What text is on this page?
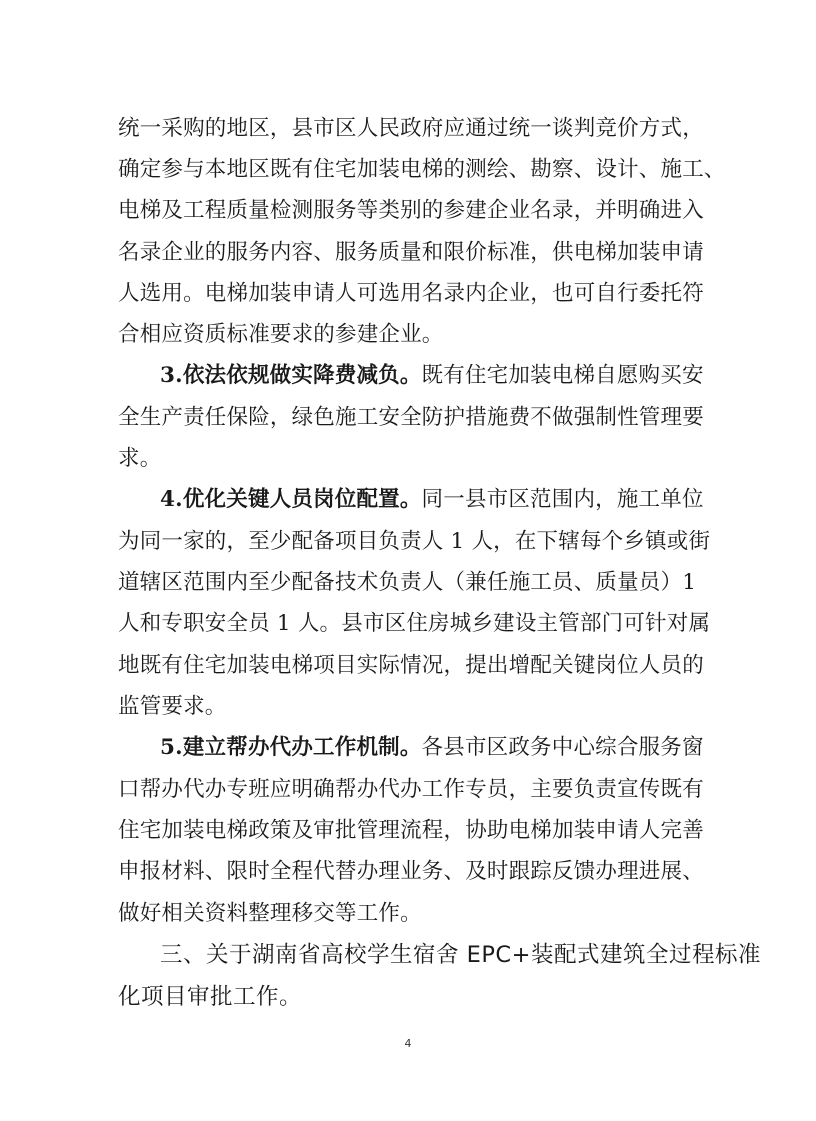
统一采购的地区，县市区人民政府应通过统一谈判竞价方式，
确定参与本地区既有住宅加装电梯的测绘、勘察、设计、施工、
电梯及工程质量检测服务等类别的参建企业名录，并明确进入
名录企业的服务内容、服务质量和限价标准，供电梯加装申请
人选用。电梯加装申请人可选用名录内企业，也可自行委托符
合相应资质标准要求的参建企业。
3.依法依规做实降费减负。既有住宅加装电梯自愿购买安
全生产责任保险，绿色施工安全防护措施费不做强制性管理要
求。
4.优化关键人员岗位配置。同一县市区范围内，施工单位
为同一家的，至少配备项目负责人 1 人，在下辖每个乡镇或街
道辖区范围内至少配备技术负责人（兼任施工员、质量员）1
人和专职安全员 1 人。县市区住房城乡建设主管部门可针对属
地既有住宅加装电梯项目实际情况，提出增配关键岗位人员的
监管要求。
5.建立帮办代办工作机制。各县市区政务中心综合服务窗
口帮办代办专班应明确帮办代办工作专员，主要负责宣传既有
住宅加装电梯政策及审批管理流程，协助电梯加装申请人完善
申报材料、限时全程代替办理业务、及时跟踪反馈办理进展、
做好相关资料整理移交等工作。
三、关于湖南省高校学生宿舍 EPC+装配式建筑全过程标准
化项目审批工作。
4
